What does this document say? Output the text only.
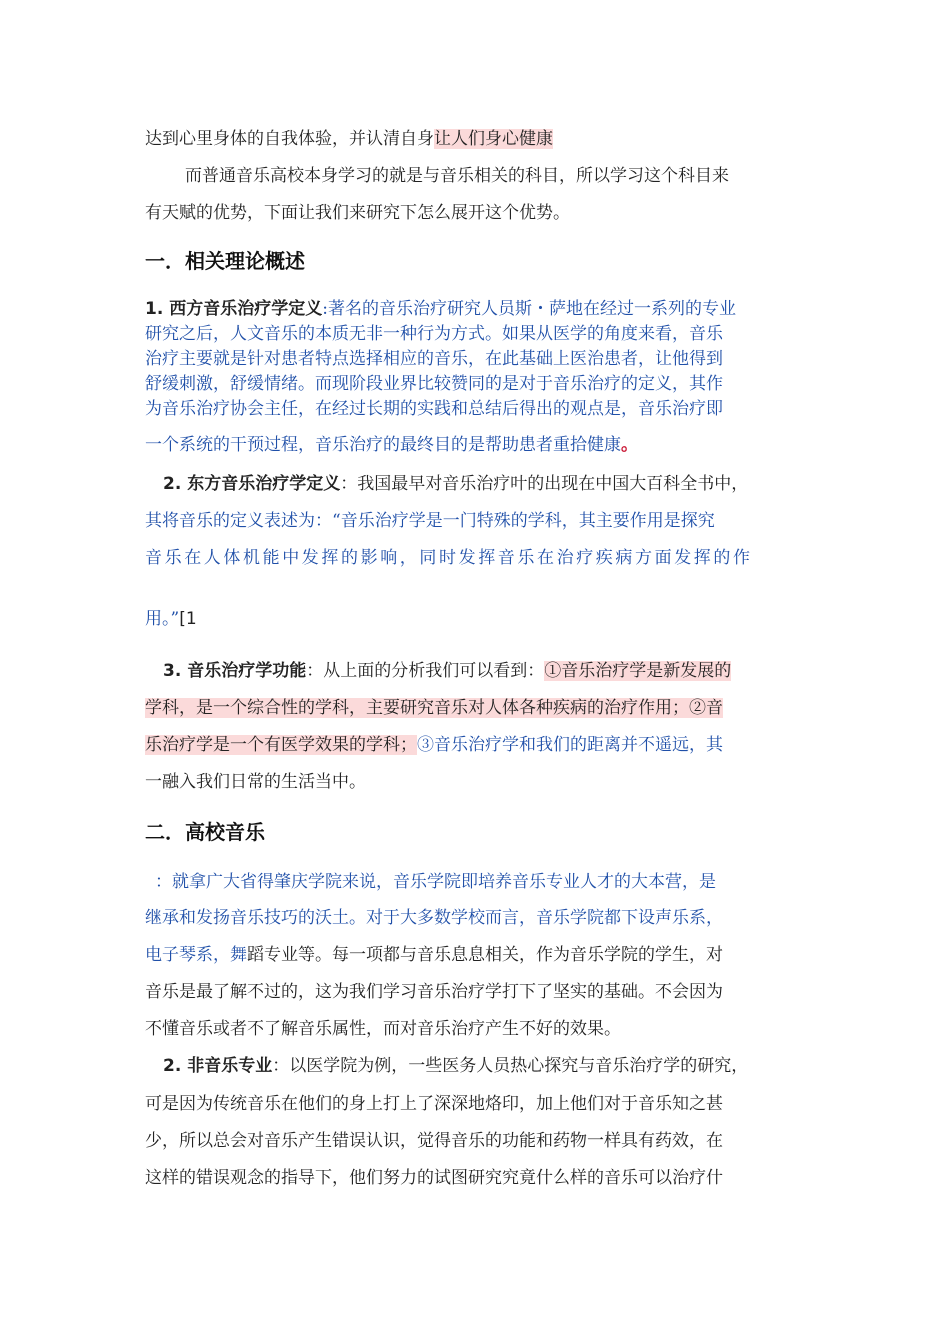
达到心里身体的自我体验，并认清自身让人们身心健康
而普通音乐高校本身学习的就是与音乐相关的科目，所以学习这个科目来
有天赋的优势，下面让我们来研究下怎么展开这个优势。
一．相关理论概述
1. 西方音乐治疗学定义:著名的音乐治疗研究人员斯・萨地在经过一系列的专业
研究之后，人文音乐的本质无非一种行为方式。如果从医学的角度来看，音乐
治疗主要就是针对患者特点选择相应的音乐，在此基础上医治患者，让他得到
舒缓刺激，舒缓情绪。而现阶段业界比较赞同的是对于音乐治疗的定义，其作
为音乐治疗协会主任，在经过长期的实践和总结后得出的观点是，音乐治疗即
一个系统的干预过程，音乐治疗的最终目的是帮助患者重拾健康。
2. 东方音乐治疗学定义：我国最早对音乐治疗叶的出现在中国大百科全书中，
其将音乐的定义表述为：“音乐治疗学是一门特殊的学科，其主要作用是探究
音乐在人体机能中发挥的影响，同时发挥音乐在治疗疾病方面发挥的作
用。”[1
3. 音乐治疗学功能：从上面的分析我们可以看到：①音乐治疗学是新发展的
学科，是一个综合性的学科，主要研究音乐对人体各种疾病的治疗作用；②音
乐治疗学是一个有医学效果的学科；③音乐治疗学和我们的距离并不遥远，其
一融入我们日常的生活当中。
二．高校音乐
：就拿广大省得肇庆学院来说，音乐学院即培养音乐专业人才的大本营，是
继承和发扬音乐技巧的沃土。对于大多数学校而言，音乐学院都下设声乐系，
电子琴系，舞蹈专业等。每一项都与音乐息息相关，作为音乐学院的学生，对
音乐是最了解不过的，这为我们学习音乐治疗学打下了坚实的基础。不会因为
不懂音乐或者不了解音乐属性，而对音乐治疗产生不好的效果。
2. 非音乐专业：以医学院为例，一些医务人员热心探究与音乐治疗学的研究，
可是因为传统音乐在他们的身上打上了深深地烙印，加上他们对于音乐知之甚
少，所以总会对音乐产生错误认识，觉得音乐的功能和药物一样具有药效，在
这样的错误观念的指导下，他们努力的试图研究究竟什么样的音乐可以治疗什
